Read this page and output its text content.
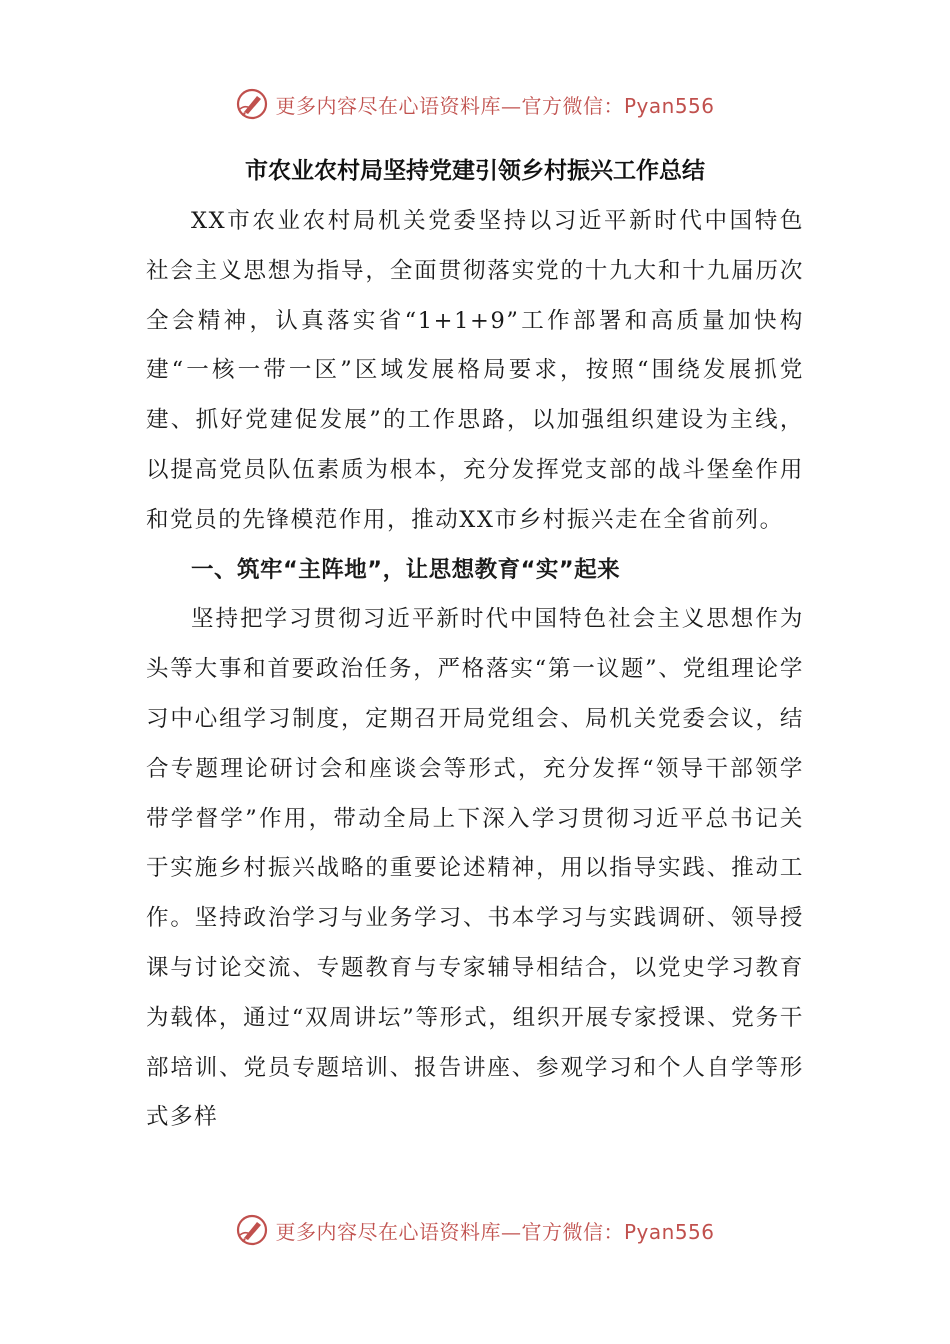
更多内容尽在心语资料库—官方微信：Pyan556
市农业农村局坚持党建引领乡村振兴工作总结

XX市农业农村局机关党委坚持以习近平新时代中国特色社会主义思想为指导，全面贯彻落实党的十九大和十九届历次全会精神，认真落实省“1+1+9”工作部署和高质量加快构建“一核一带一区”区域发展格局要求，按照“围绕发展抓党建、抓好党建促发展”的工作思路，以加强组织建设为主线，以提高党员队伍素质为根本，充分发挥党支部的战斗堡垒作用和党员的先锋模范作用，推动XX市乡村振兴走在全省前列。

一、筑牢“主阵地”，让思想教育“实”起来

坚持把学习贯彻习近平新时代中国特色社会主义思想作为头等大事和首要政治任务，严格落实“第一议题”、党组理论学习中心组学习制度，定期召开局党组会、局机关党委会议，结合专题理论研讨会和座谈会等形式，充分发挥“领导干部领学带学督学”作用，带动全局上下深入学习贯彻习近平总书记关于实施乡村振兴战略的重要论述精神，用以指导实践、推动工作。坚持政治学习与业务学习、书本学习与实践调研、领导授课与讨论交流、专题教育与专家辅导相结合，以党史学习教育为载体，通过“双周讲坛”等形式，组织开展专家授课、党务干部培训、党员专题培训、报告讲座、参观学习和个人自学等形式多样

更多内容尽在心语资料库—官方微信：Pyan556
